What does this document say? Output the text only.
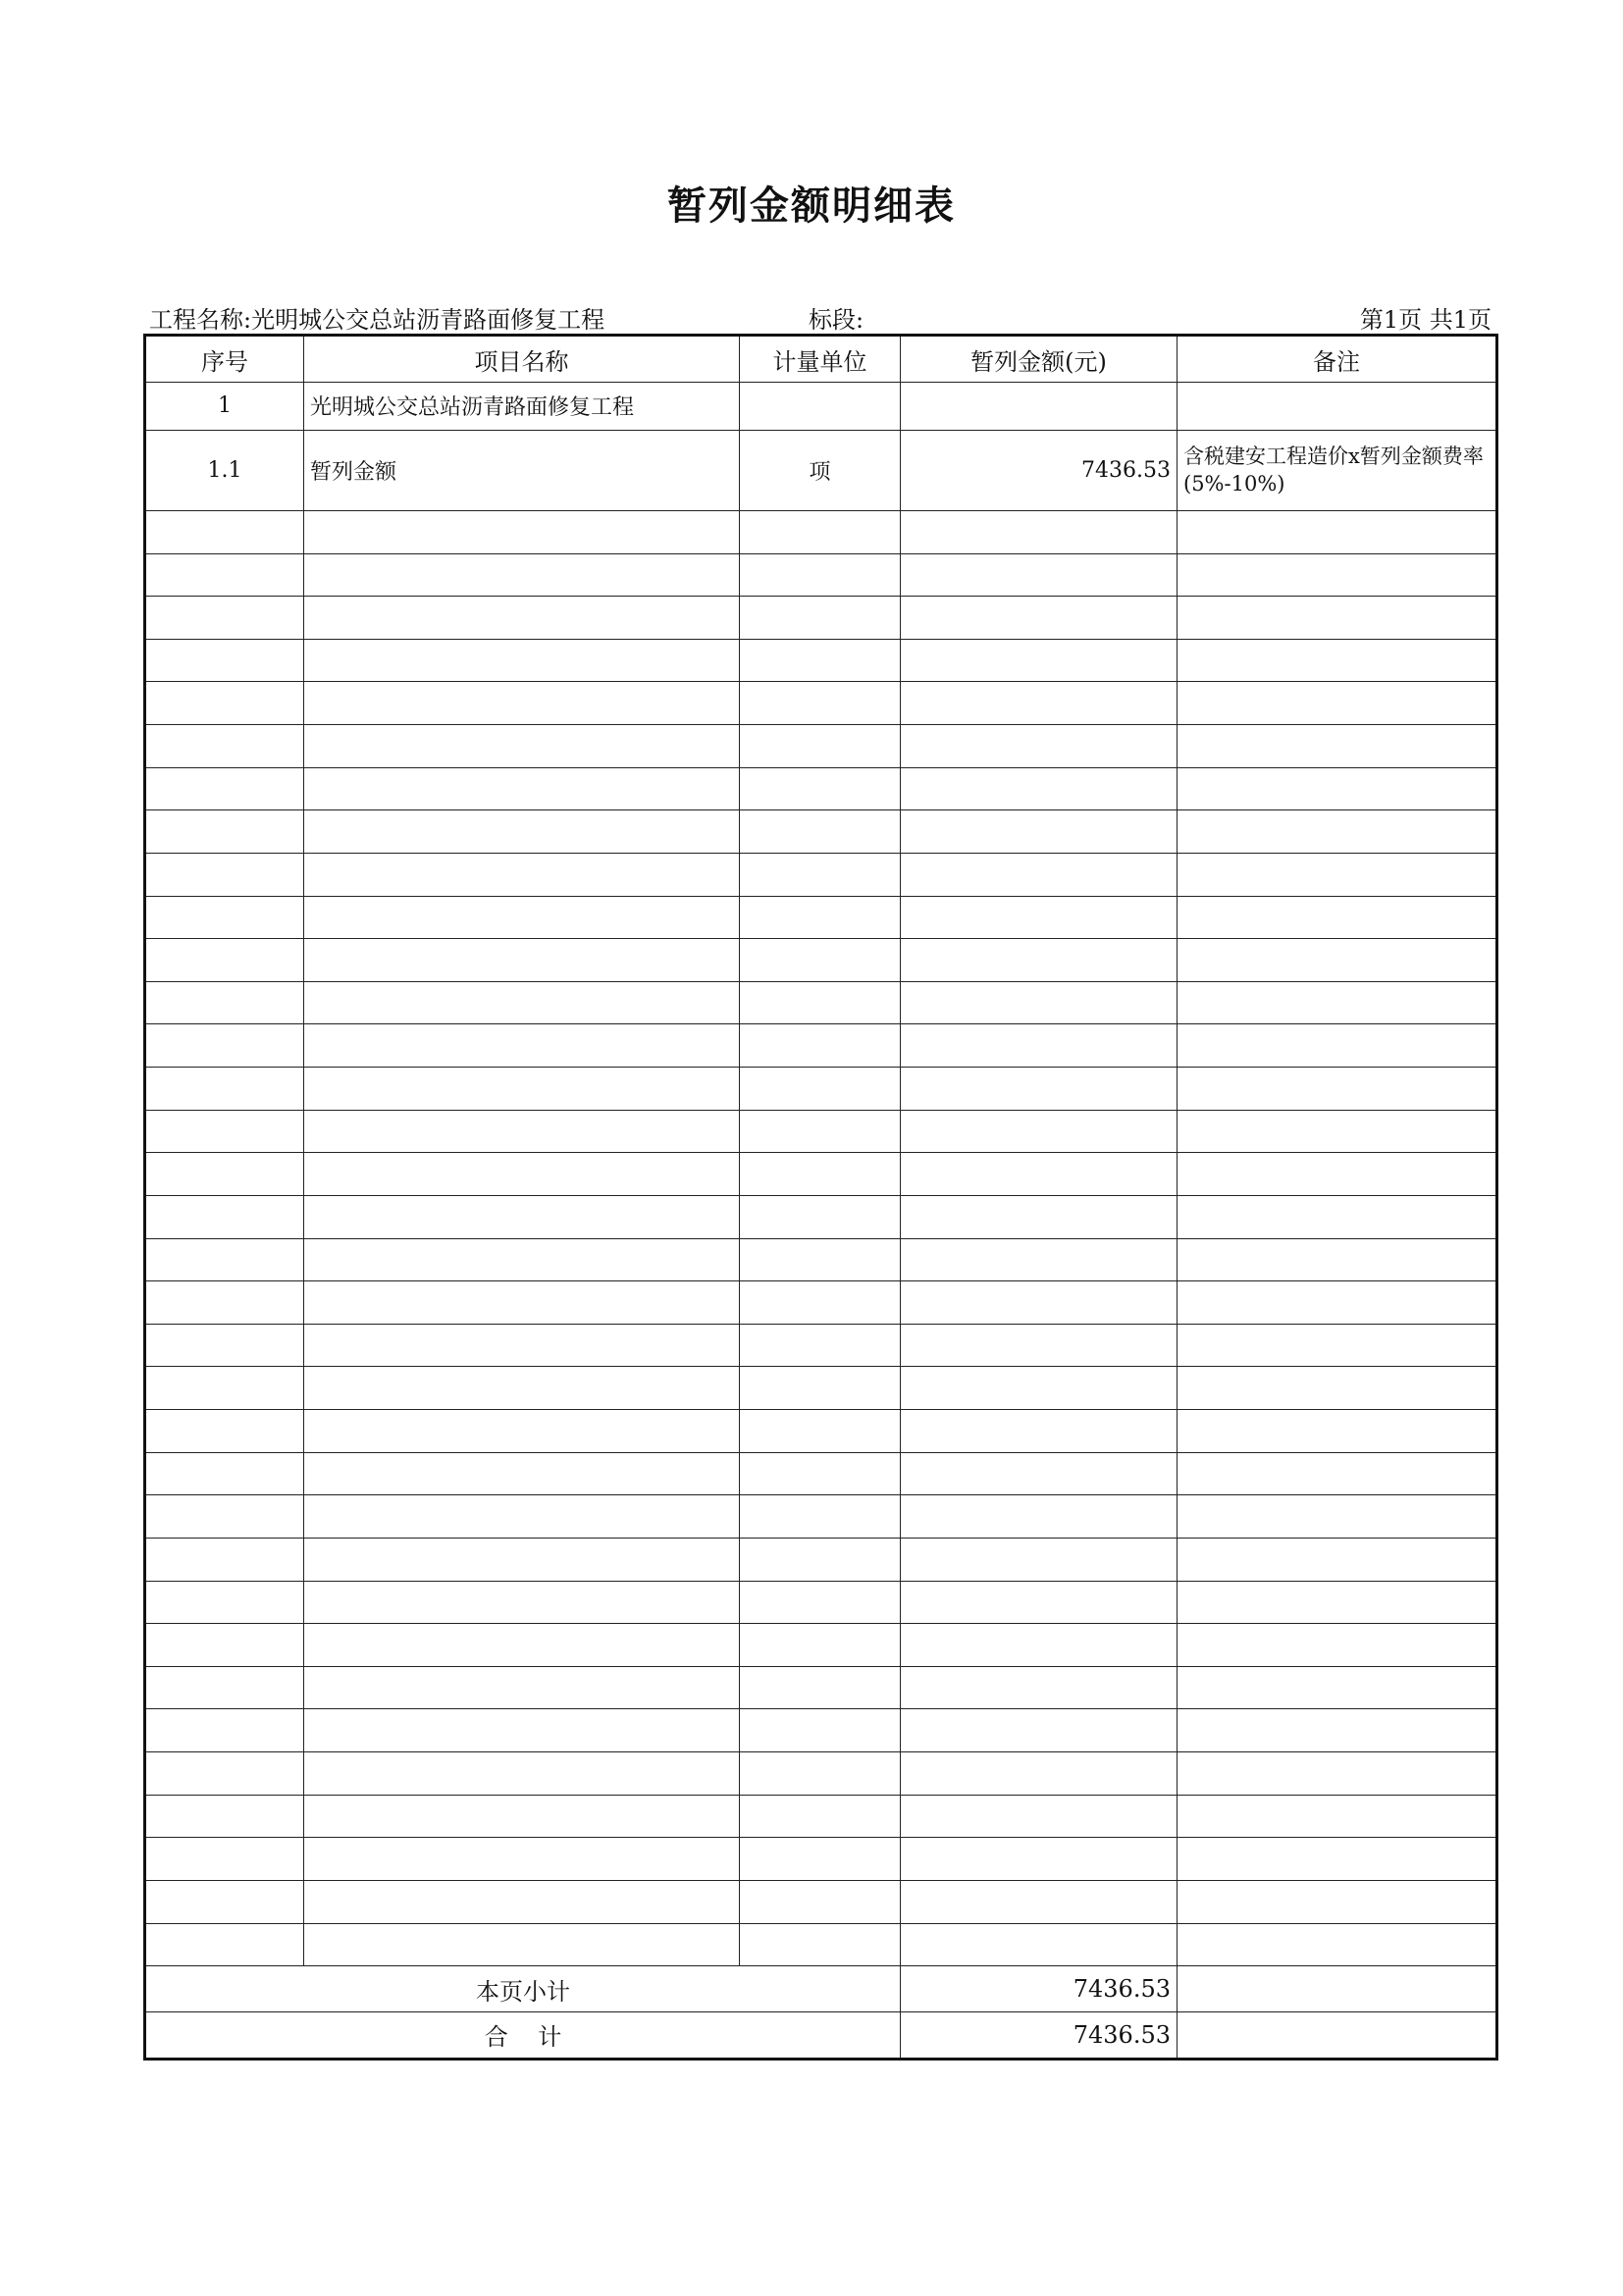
暂列金额明细表
工程名称:光明城公交总站沥青路面修复工程	标段:	第1页 共1页
序号	项目名称	计量单位	暂列金额(元)	备注
1	光明城公交总站沥青路面修复工程			
1.1	暂列金额	项	7436.53	含税建安工程造价x暂列金额费率(5%-10%)

本页小计			7436.53	
合    计			7436.53	
